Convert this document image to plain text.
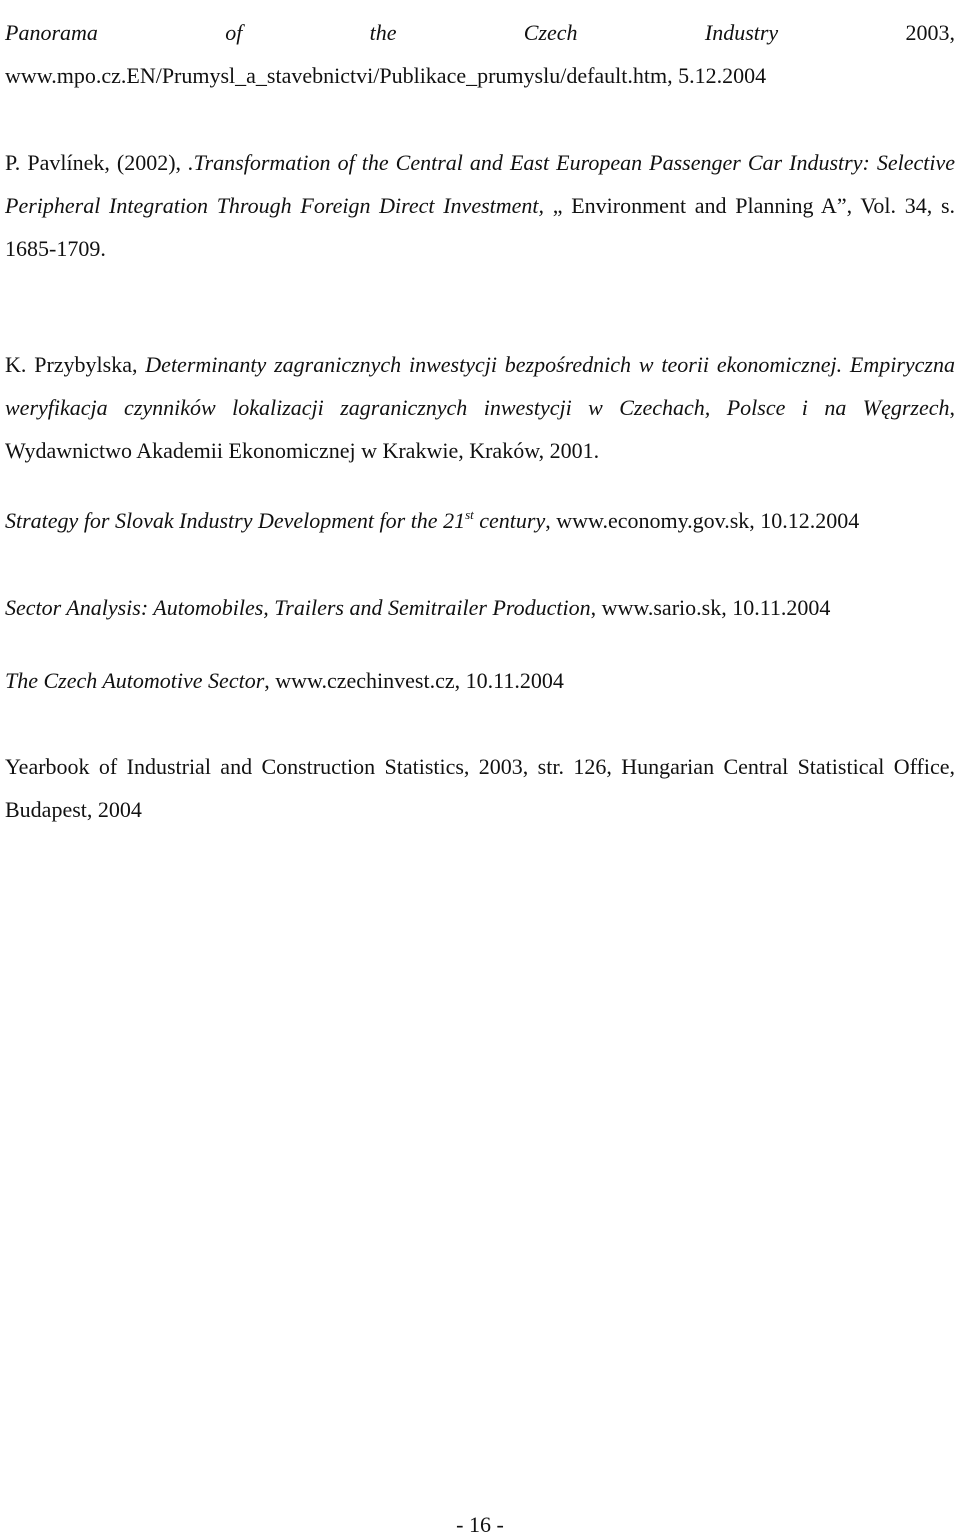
Panorama of the Czech Industry 2003, www.mpo.cz.EN/Prumysl_a_stavebnictvi/Publikace_prumyslu/default.htm, 5.12.2004

P. Pavlínek, (2002), .Transformation of the Central and East European Passenger Car Industry: Selective Peripheral Integration Through Foreign Direct Investment, „ Environment and Planning A”, Vol. 34, s. 1685-1709.

K. Przybylska, Determinanty zagranicznych inwestycji bezpośrednich w teorii ekonomicznej. Empiryczna weryfikacja czynników lokalizacji zagranicznych inwestycji w Czechach, Polsce i na Węgrzech, Wydawnictwo Akademii Ekonomicznej w Krakwie, Kraków, 2001.

Strategy for Slovak Industry Development for the 21st century, www.economy.gov.sk, 10.12.2004

Sector Analysis: Automobiles, Trailers and Semitrailer Production, www.sario.sk, 10.11.2004

The Czech Automotive Sector, www.czechinvest.cz, 10.11.2004

Yearbook of Industrial and Construction Statistics, 2003, str. 126, Hungarian Central Statistical Office, Budapest, 2004

- 16 -
